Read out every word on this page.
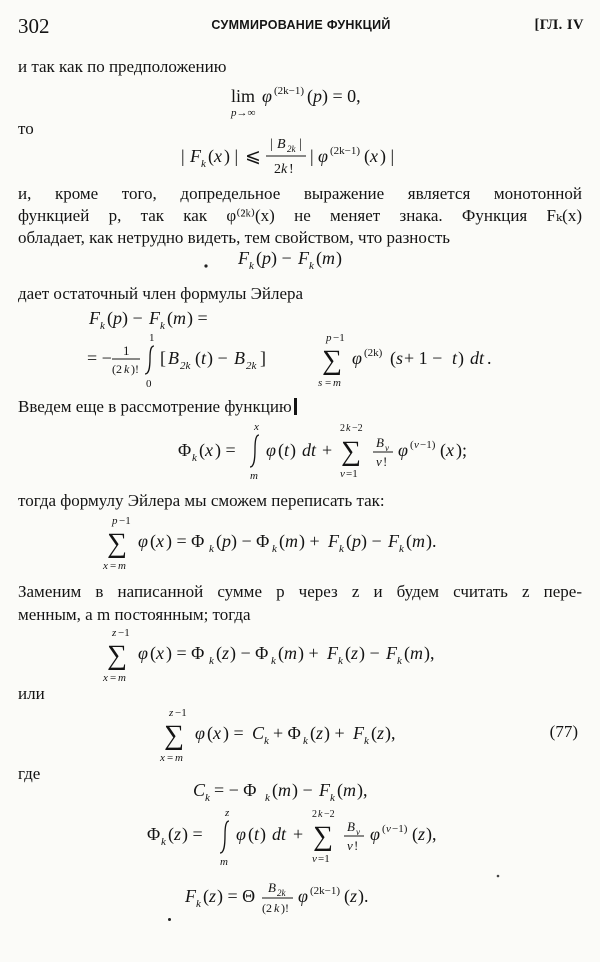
302	СУММИРОВАНИЕ ФУНКЦИЙ	[ГЛ. IV

и так как по предположению

lim
p→∞
φ (2k−1) ( p ) = 0,

то

| F k ( x ) | ⩽
| B 2k |
2 k !
| φ (2k−1) ( x ) |

и, кроме того, допредельное выражение является монотонной

функцией p, так как φ⁽²ᵏ⁾(x) не меняет знака. Функция Fₖ(x)

обладает, как нетрудно видеть, тем свойством, что разность

F k ( p ) − F k ( m )

дает остаточный член формулы Эйлера

F k ( p ) − F k ( m ) =
= − 1
(2 k )!
1
0
[ B 2k ( t ) − B 2k ]
p −1
∑
s = m
φ (2k) ( s + 1 − t ) dt .

Введем еще в рассмотрение функцию

Φ k ( x ) =
x
m
φ ( t ) dt +
2 k −2
∑
ν =1
B ν
ν !
φ ( ν −1) ( x );

тогда формулу Эйлера мы сможем переписать так:

p −1
∑
x = m
φ ( x ) = Φ k ( p ) − Φ k ( m ) + F k ( p ) − F k ( m ).

Заменим в написанной сумме p через z и будем считать z пере-

менным, а m постоянным; тогда

z −1
∑
x = m
φ ( x ) = Φ k ( z ) − Φ k ( m ) + F k ( z ) − F k ( m ),

или

z −1
∑
x = m
φ ( x ) = C k + Φ k ( z ) + F k ( z ),	(77)

где

C k = − Φ k ( m ) − F k ( m ),
Φ k ( z ) =
z
m
φ ( t ) dt +
2 k −2
∑
ν =1
B ν
ν !
φ ( ν −1) ( z ),
F k ( z ) = Θ B 2k
(2 k )!
φ (2k−1) ( z ).
